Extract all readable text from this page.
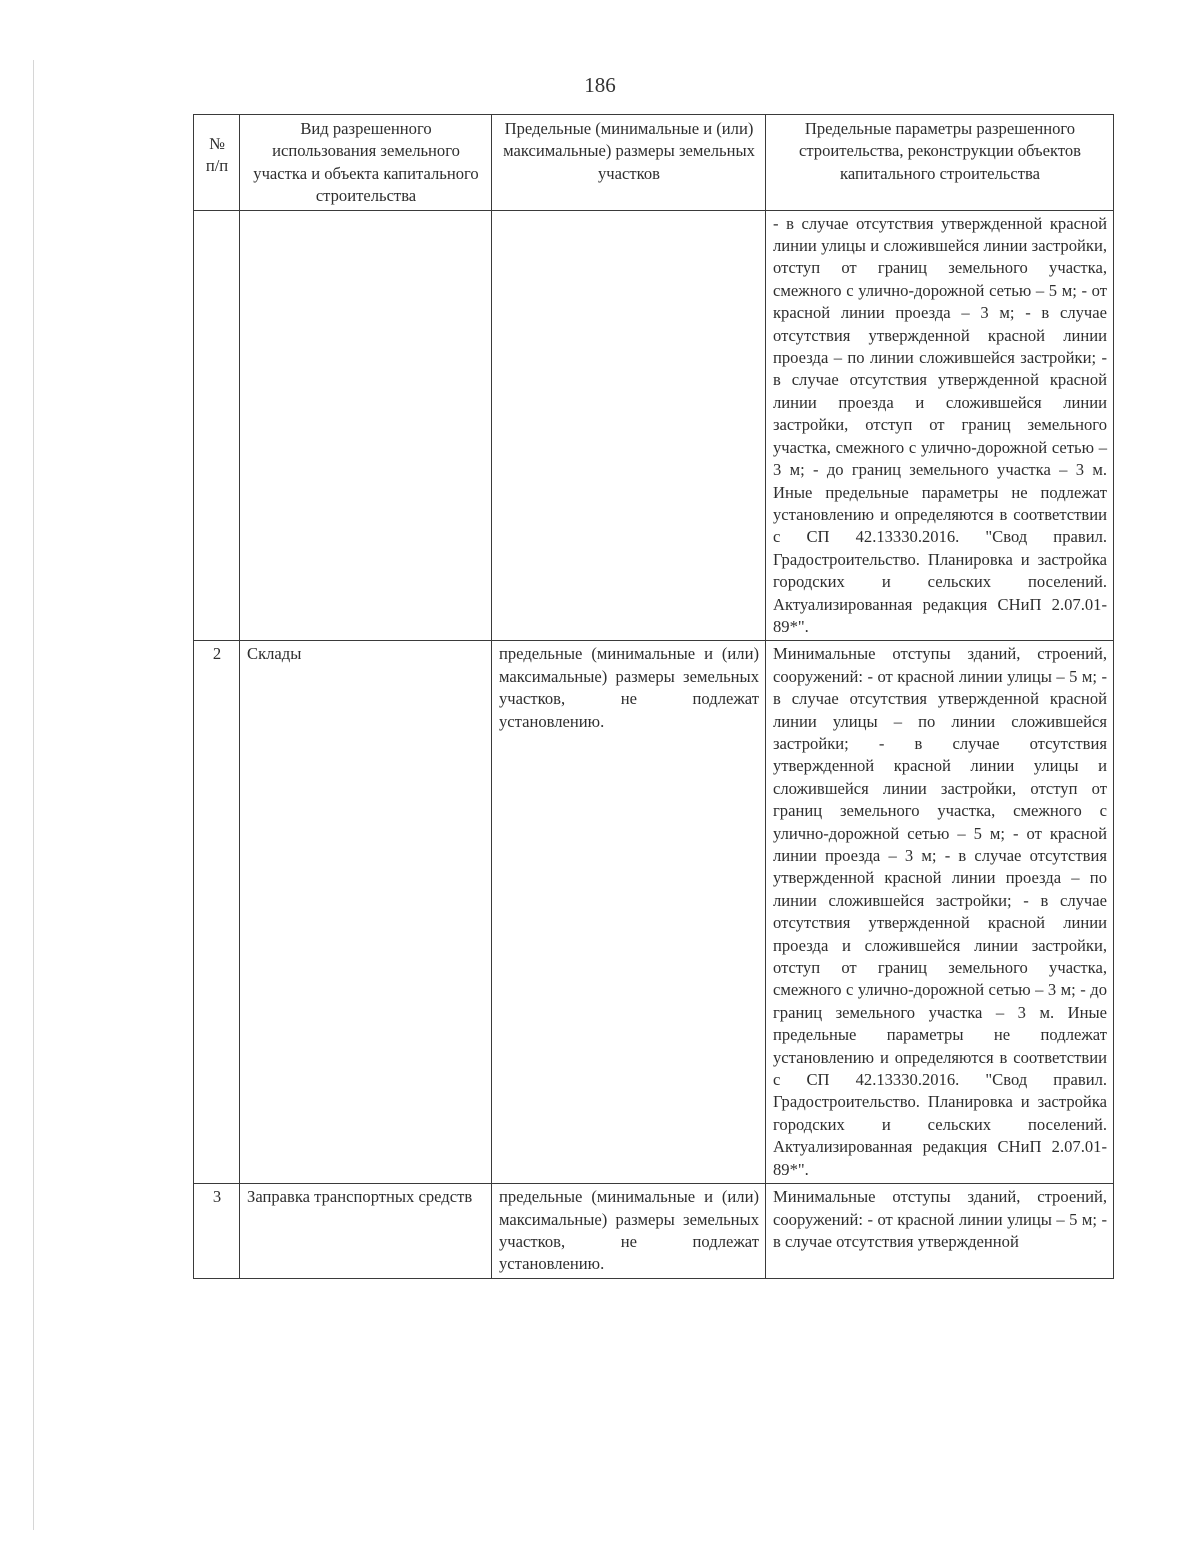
186
№ п/п	Вид разрешенного использования земельного участка и объекта капитального строительства	Предельные (минимальные и (или) максимальные) размеры земельных участков	Предельные параметры разрешенного строительства, реконструкции объектов капитального строительства
			- в случае отсутствия утвержденной красной линии улицы и сложившейся линии застройки, отступ от границ земельного участка, смежного с улично-дорожной сетью – 5 м; - от красной линии проезда – 3 м; - в случае отсутствия утвержденной красной линии проезда – по линии сложившейся застройки; - в случае отсутствия утвержденной красной линии проезда и сложившейся линии застройки, отступ от границ земельного участка, смежного с улично-дорожной сетью – 3 м; - до границ земельного участка – 3 м. Иные предельные параметры не подлежат установлению и определяются в соответствии с СП 42.13330.2016. "Свод правил. Градостроительство. Планировка и застройка городских и сельских поселений. Актуализированная редакция СНиП 2.07.01-89*".
2	Склады	предельные (минимальные и (или) максимальные) размеры земельных участков, не подлежат установлению.	Минимальные отступы зданий, строений, сооружений: - от красной линии улицы – 5 м; - в случае отсутствия утвержденной красной линии улицы – по линии сложившейся застройки; - в случае отсутствия утвержденной красной линии улицы и сложившейся линии застройки, отступ от границ земельного участка, смежного с улично-дорожной сетью – 5 м; - от красной линии проезда – 3 м; - в случае отсутствия утвержденной красной линии проезда – по линии сложившейся застройки; - в случае отсутствия утвержденной красной линии проезда и сложившейся линии застройки, отступ от границ земельного участка, смежного с улично-дорожной сетью – 3 м; - до границ земельного участка – 3 м. Иные предельные параметры не подлежат установлению и определяются в соответствии с СП 42.13330.2016. "Свод правил. Градостроительство. Планировка и застройка городских и сельских поселений. Актуализированная редакция СНиП 2.07.01-89*".
3	Заправка транспортных средств	предельные (минимальные и (или) максимальные) размеры земельных участков, не подлежат установлению.	Минимальные отступы зданий, строений, сооружений: - от красной линии улицы – 5 м; - в случае отсутствия утвержденной
